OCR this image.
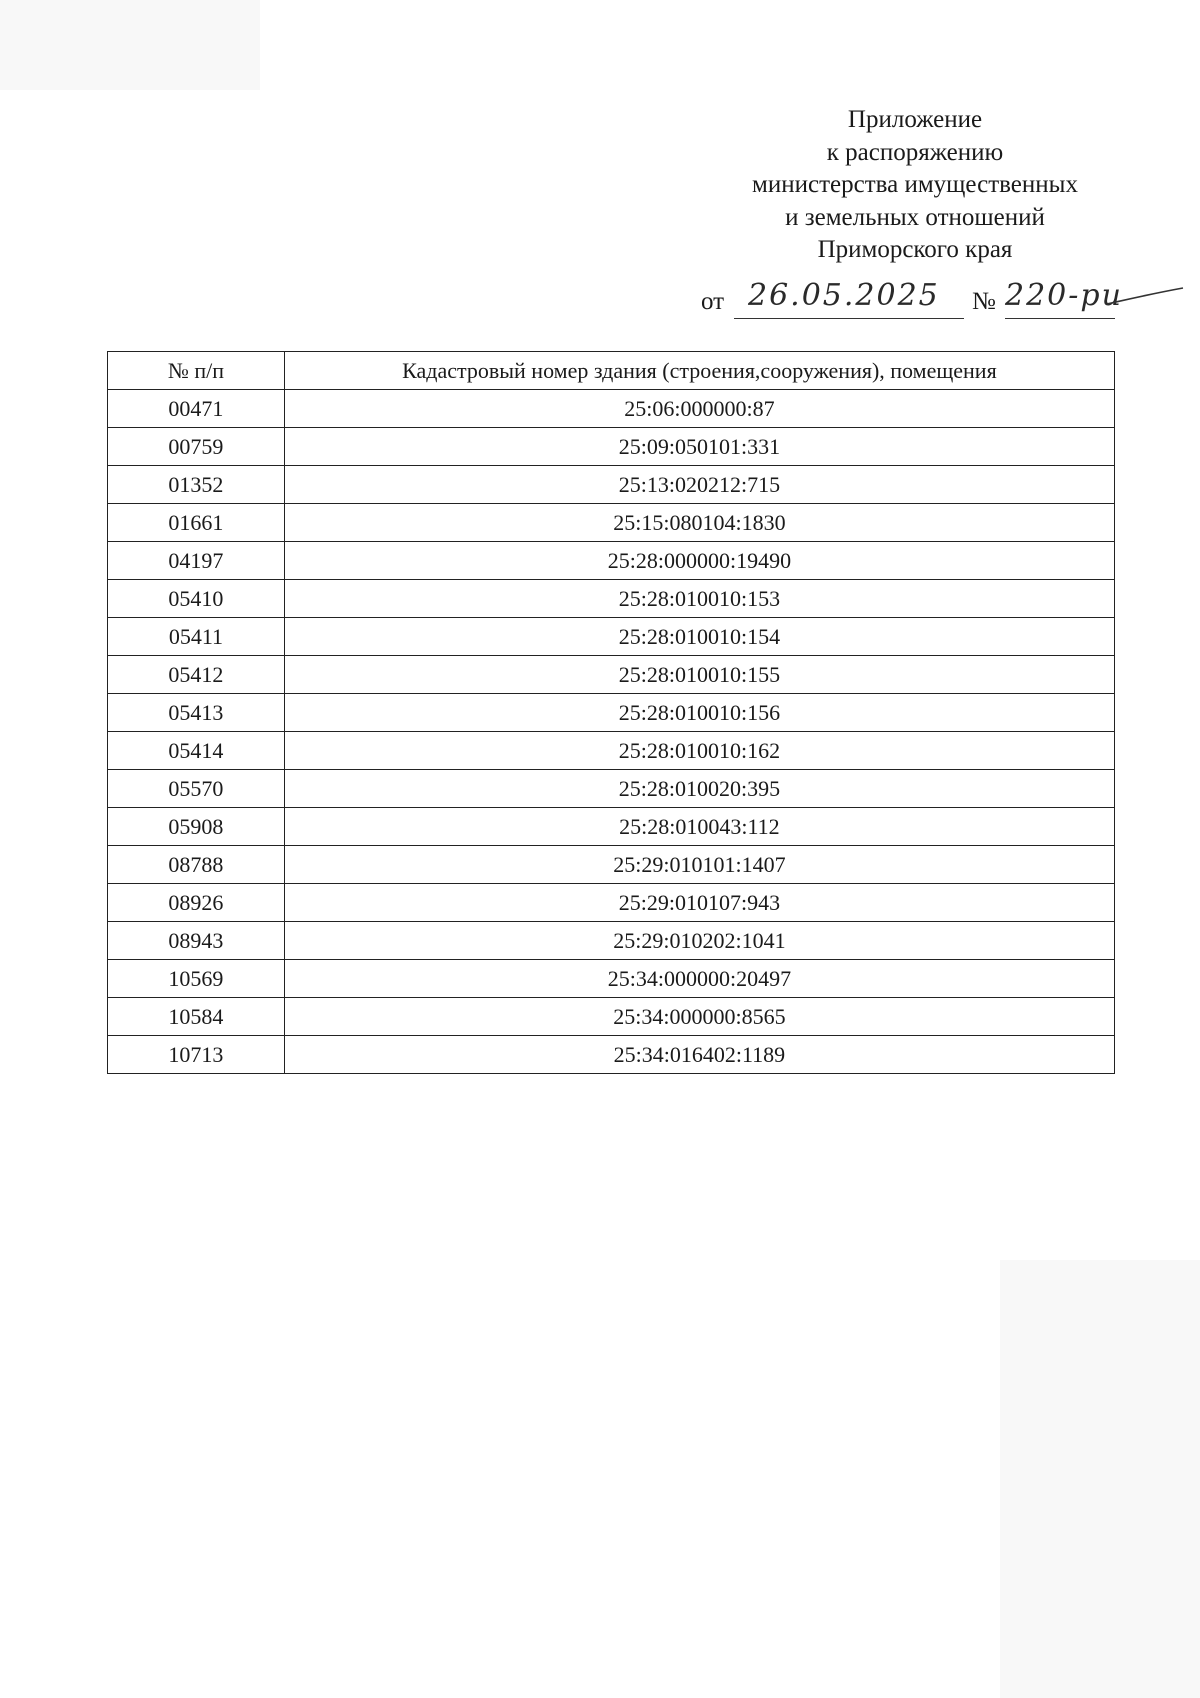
Приложение
к распоряжению
министерства имущественных
и земельных отношений
Приморского края
от 26.05.2025 № 220-ри
№ п/п	Кадастровый номер здания (строения,сооружения), помещения
00471	25:06:000000:87
00759	25:09:050101:331
01352	25:13:020212:715
01661	25:15:080104:1830
04197	25:28:000000:19490
05410	25:28:010010:153
05411	25:28:010010:154
05412	25:28:010010:155
05413	25:28:010010:156
05414	25:28:010010:162
05570	25:28:010020:395
05908	25:28:010043:112
08788	25:29:010101:1407
08926	25:29:010107:943
08943	25:29:010202:1041
10569	25:34:000000:20497
10584	25:34:000000:8565
10713	25:34:016402:1189
